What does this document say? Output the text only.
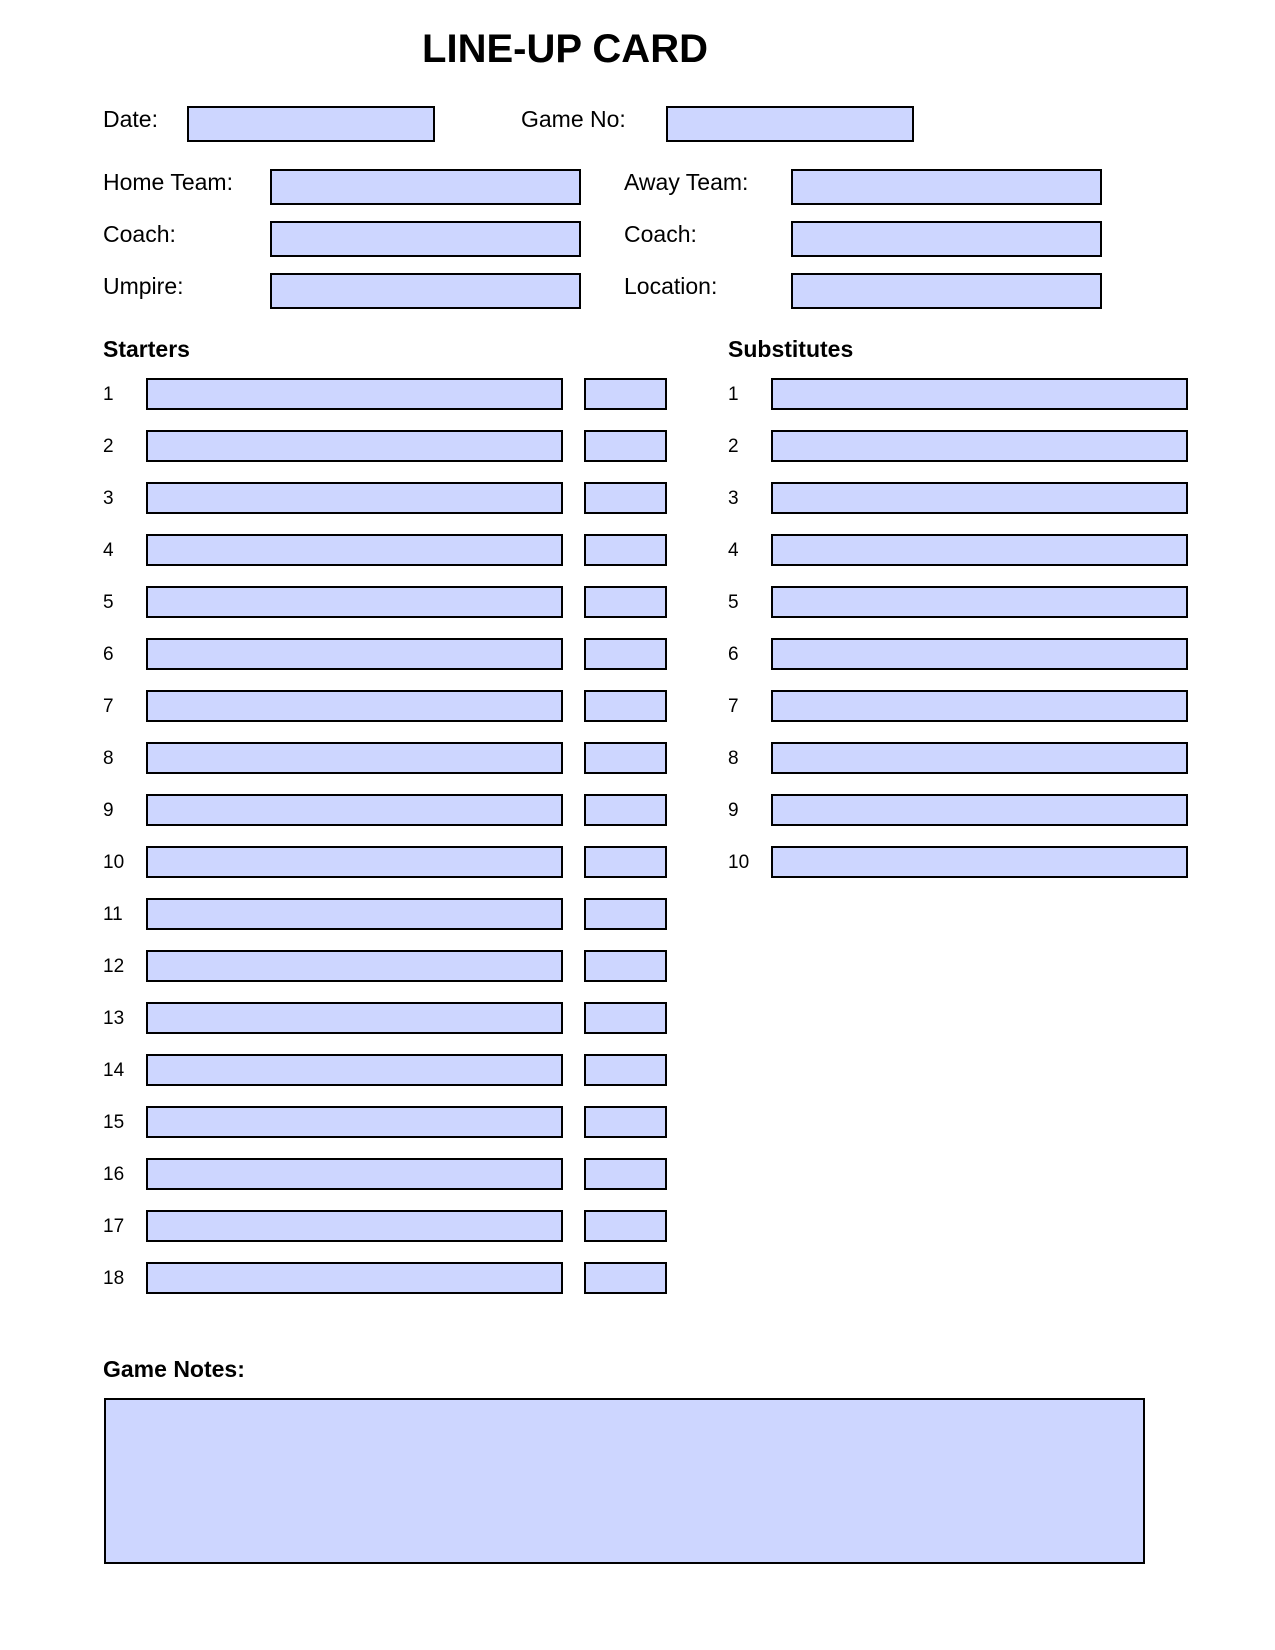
LINE-UP CARD
Date:	Game No:
Home Team:	Away Team:
Coach:	Coach:
Umpire:	Location:
Starters	Substitutes
1
2
3
4
5
6
7
8
9
10
11
12
13
14
15
16
17
18
1
2
3
4
5
6
7
8
9
10
Game Notes:
